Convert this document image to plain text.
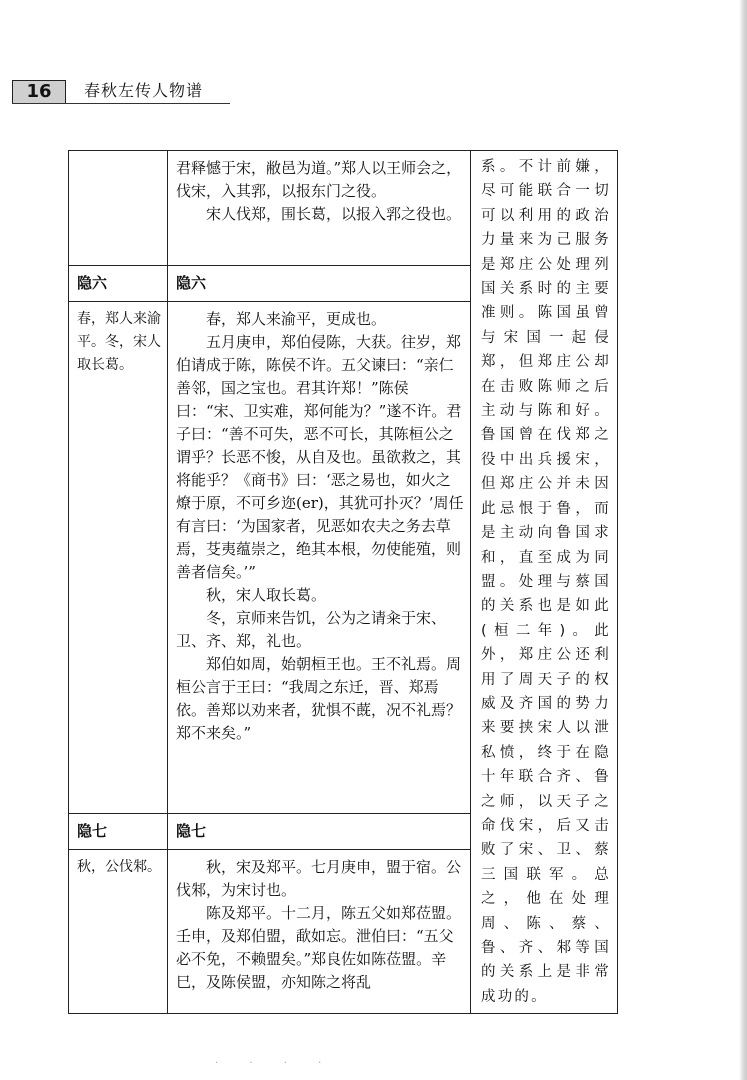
16	春秋左传人物谱

	君释憾于宋，敝邑为道。”郑人以王师会之，伐宋，入其郛，以报东门之役。

宋人伐郑，围长葛，以报入郛之役也。	系。不计前嫌，尽可能联合一切可以利用的政治力量来为己服务是郑庄公处理列国关系时的主要准则。陈国虽曾与宋国一起侵郑，但郑庄公却在击败陈师之后主动与陈和好。鲁国曾在伐郑之役中出兵援宋，但郑庄公并未因此忌恨于鲁，而是主动向鲁国求和，直至成为同盟。处理与蔡国的关系也是如此(桓二年)。此外，郑庄公还利用了周天子的权威及齐国的势力来要挟宋人以泄私愤，终于在隐十年联合齐、鲁之师，以天子之命伐宋，后又击败了宋、卫、蔡三国联军。总之，他在处理周、陈、蔡、鲁、齐、邾等国的关系上是非常成功的。

隐六	隐六	

春，郑人来渝平。冬，宋人取长葛。	春，郑人来渝平，更成也。

五月庚申，郑伯侵陈，大获。往岁，郑伯请成于陈，陈侯不许。五父谏曰：“亲仁善邻，国之宝也。君其许郑！”陈侯曰：“宋、卫实难，郑何能为？”遂不许。君子曰：“善不可失，恶不可长，其陈桓公之谓乎？长恶不悛，从自及也。虽欲救之，其将能乎？《商书》曰：‘恶之易也，如火之燎于原，不可乡迩(er)，其犹可扑灭？’周任有言曰：‘为国家者，见恶如农夫之务去草焉，芟夷蕴崇之，绝其本根，勿使能殖，则善者信矣。’”

秋，宋人取长葛。

冬，京师来告饥，公为之请籴于宋、卫、齐、郑，礼也。

郑伯如周，始朝桓王也。王不礼焉。周桓公言于王曰：“我周之东迁，晋、郑焉依。善郑以劝来者，犹惧不蔇，况不礼焉？郑不来矣。”	

隐七	隐七	

秋，公伐邾。	秋，宋及郑平。七月庚申，盟于宿。公伐邾，为宋讨也。

陈及郑平。十二月，陈五父如郑莅盟。壬申，及郑伯盟，歃如忘。泄伯曰：“五父必不免，不赖盟矣。”郑良佐如陈莅盟。辛巳，及陈侯盟，亦知陈之将乱	

· · · ·
